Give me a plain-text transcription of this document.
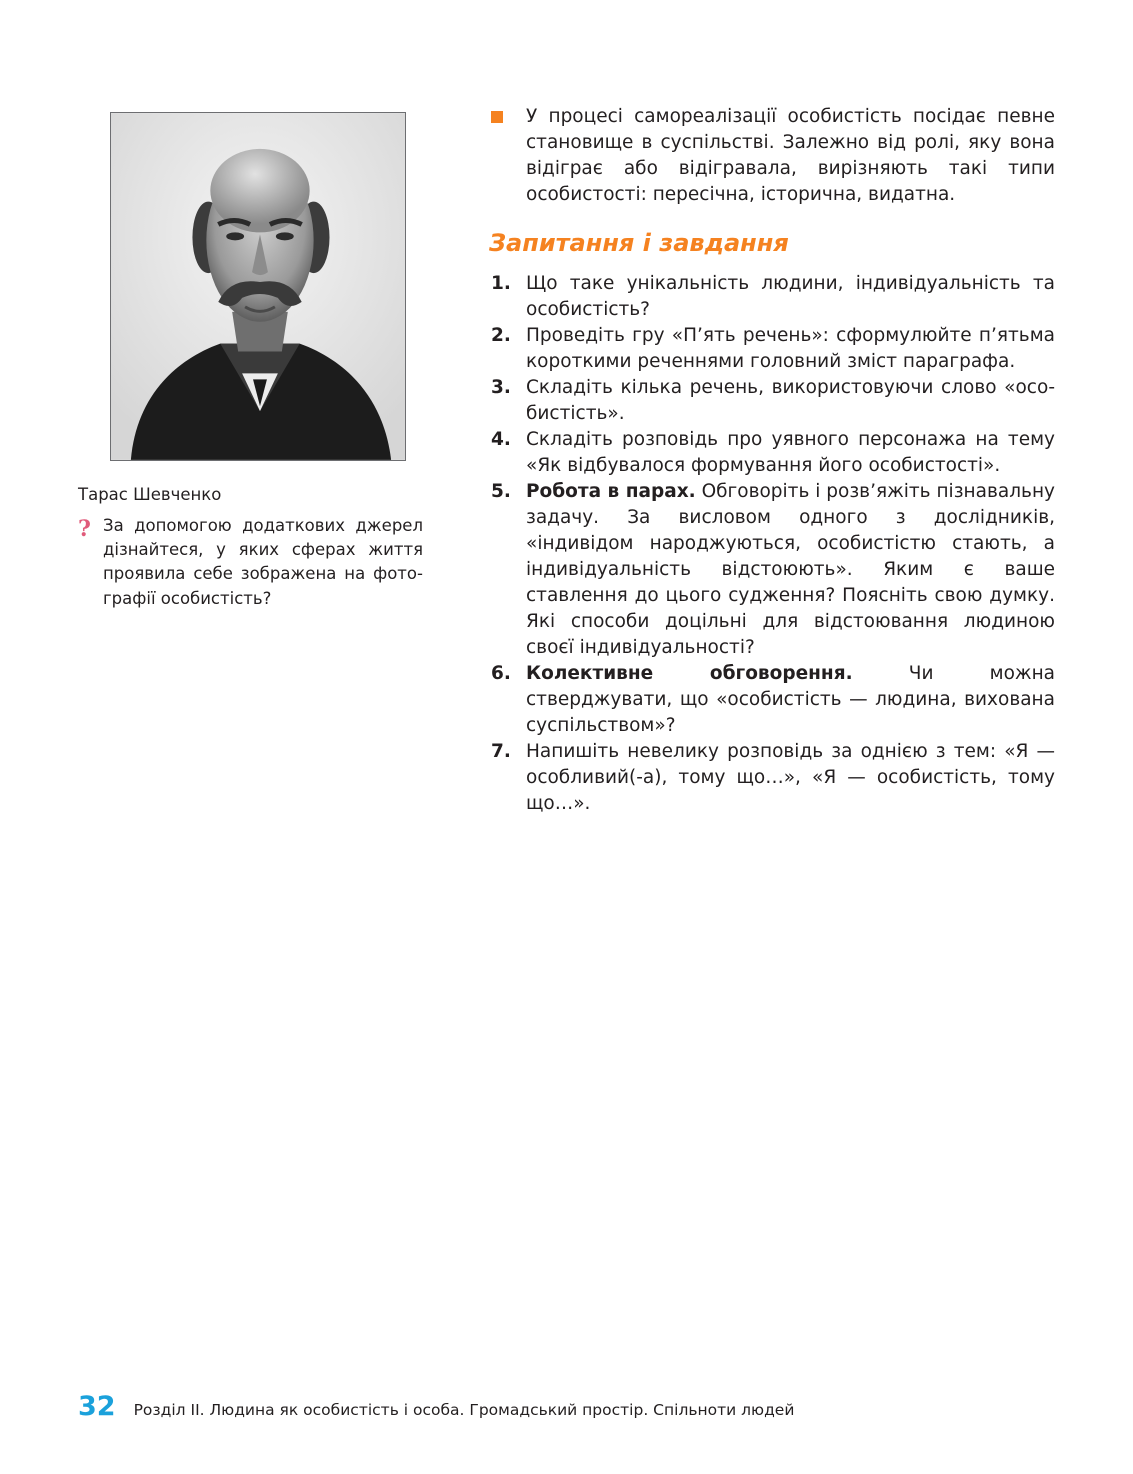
Тарас Шевченко
? За допомогою додаткових джерел дізнайтеся, у яких сферах життя проявила себе зображена на фотографії особистість?
У процесі самореалізації особистість посідає певне становище в суспільстві. Залежно від ролі, яку вона відіграє або відігравала, вирізняють такі типи особистості: пересічна, історична, видатна.
Запитання і завдання
1. Що таке унікальність людини, індивідуальність та особистість?
2. Проведіть гру «П’ять речень»: сформулюйте п’ятьма короткими реченнями головний зміст параграфа.
3. Складіть кілька речень, використовуючи слово «особистість».
4. Складіть розповідь про уявного персонажа на тему «Як відбувалося формування його особистості».
5. Робота в парах. Обговоріть і розв’яжіть пізнавальну задачу. За висловом одного з дослідників, «індивідом народжуються, особистістю стають, а індивідуальність відстоюють». Яким є ваше ставлення до цього судження? Поясніть свою думку. Які способи доцільні для відстоювання людиною своєї індивідуальності?
6. Колективне обговорення. Чи можна стверджувати, що «особистість — людина, вихована суспільством»?
7. Напишіть невелику розповідь за однією з тем: «Я — особливий(-а), тому що…», «Я — особистість, тому що…».
32 Розділ II. Людина як особистість і особа. Громадський простір. Спільноти людей
